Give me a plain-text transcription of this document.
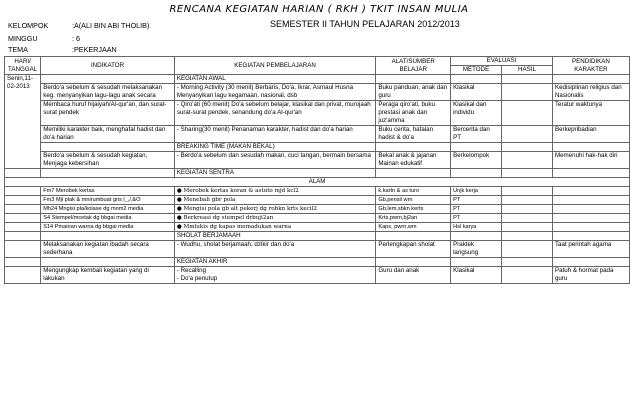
RENCANA KEGIATAN HARIAN ( RKH ) TKIT INSAN MULIA
KELOMPOK	:A(ALI BIN ABI THOLIB)	SEMESTER II TAHUN PELAJARAN 2012/2013
MINGGU	: 6
TEMA	:PEKERJAAN
HARI/
TANGGAL	INDIKATOR	KEGIATAN PEMBELAJARAN	ALAT/SUMBER
BELAJAR	EVALUASI		PENDIDIKAN
KARAKTER
				METODE	HASIL	
Senin,11-02-2013		KEGIATAN AWAL				
	Berdo'a sebelum & sesudah melaksanakan keg. menyanyikan lagu-lagu anak secara	- Morning Activity (30 menit) Berbaris, Do'a, Ikrar, Asmaul Husna Menyanyikan lagu kegamaan, nasional, dsb	Buku panduan, anak dan guru	Klasikal		Kedisiplinan religius dan Nasionalis
	Membaca huruf hijaiyah/Al-qur'an, dan surat-surat pendek	- Qiro'ati (60 menit) Do'a sebelum belajar, klasikal dan privat, murojaah surat-surat pendek, senandung do'a Al-qur'an	Peraga qiro'ati, buku prestasi anak dan juz'amma	Klasikal dan individu		Teratur waktunya
	Memiliki karakter baik, menghafal hadist dan do'a harian	- Sharing(30 menit) Penanaman karakter, hadist dan do'a harian	Buku cerita, hafalan hadist & do'a	Bercerita dan PT		Berkepribadian
		BREAKING TIME (MAKAN BEKAL)				
	Berdo'a sebelum & sesudah kegiatan, Menjaga kebersihan	- Berdo'a sebelum dan sesudah makan, cuci tangan, bermain bersama	Bekal anak & jajanan Mainan edukatif	Berkelompok		Memenuhi hak-hak diri
		KEGIATAN SENTRA				
ALAM						
	Fm7 Merobek kertas	● Merobek kertas koran & astuto mjd kcl2	k.kartn & as turo	Unjk kerja		
	Fm3 Mji plak & mnirumbuat gris l_,/,&O	● Menebali gbr pola	Gb,pensil wrn	PT		
	Mh24 Mngisi pla/kolase dg mom2 media	● Mengisi pola gb alt pekerj dg robkn krts kecil2	Gb,lem,sbkn kerts	PT		
	S4 Stempel/mcetak dg bbgai media	● Berkreasi dg stempel drbuji2an	Krts,pwrn,bj2an	PT		
	S14 Pmainan warna dg bbgai media	● Mmlukis dg kapas memadukan warna	Kaps, pwrn,wm	Hsl karya		
		SHOLAT BERJAMAAH				
	Melaksanakan kegiatan ibadah secara sederhana	- Wudhu, sholat berjamaah, dzikir dan do'a	Perlengkapan sholat	Praktek langsung		Taat perintah agama
		KEGIATAN AKHIR				
	Mengungkap kembali kegiatan yang di lakukan	- Recalling
- Do'a penutup	Guru dan anak	Klasikal		Patuh & hormat pada guru
